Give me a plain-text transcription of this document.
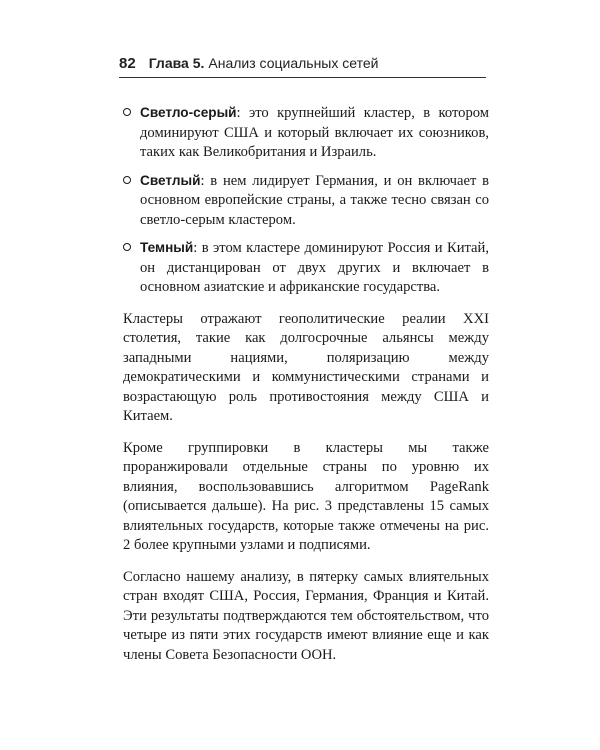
82 Глава 5. Анализ социальных сетей
Светло-серый: это крупнейший кластер, в котором доминируют США и который включает их союзников, таких как Великобритания и Израиль.
Светлый: в нем лидирует Германия, и он включает в основном европейские страны, а также тесно связан со светло-серым кластером.
Темный: в этом кластере доминируют Россия и Китай, он дистанцирован от двух других и включает в основном азиатские и африканские государства.

Кластеры отражают геополитические реалии XXI столетия, такие как долгосрочные альянсы между западными нациями, поляризацию между демократическими и коммунистическими странами и возрастающую роль противостояния между США и Китаем.

Кроме группировки в кластеры мы также проранжировали отдельные страны по уровню их влияния, воспользовавшись алгоритмом PageRank (описывается дальше). На рис. 3 представлены 15 самых влиятельных государств, которые также отмечены на рис. 2 более крупными узлами и подписями.

Согласно нашему анализу, в пятерку самых влиятельных стран входят США, Россия, Германия, Франция и Китай. Эти результаты подтверждаются тем обстоятельством, что четыре из пяти этих государств имеют влияние еще и как члены Совета Безопасности ООН.
